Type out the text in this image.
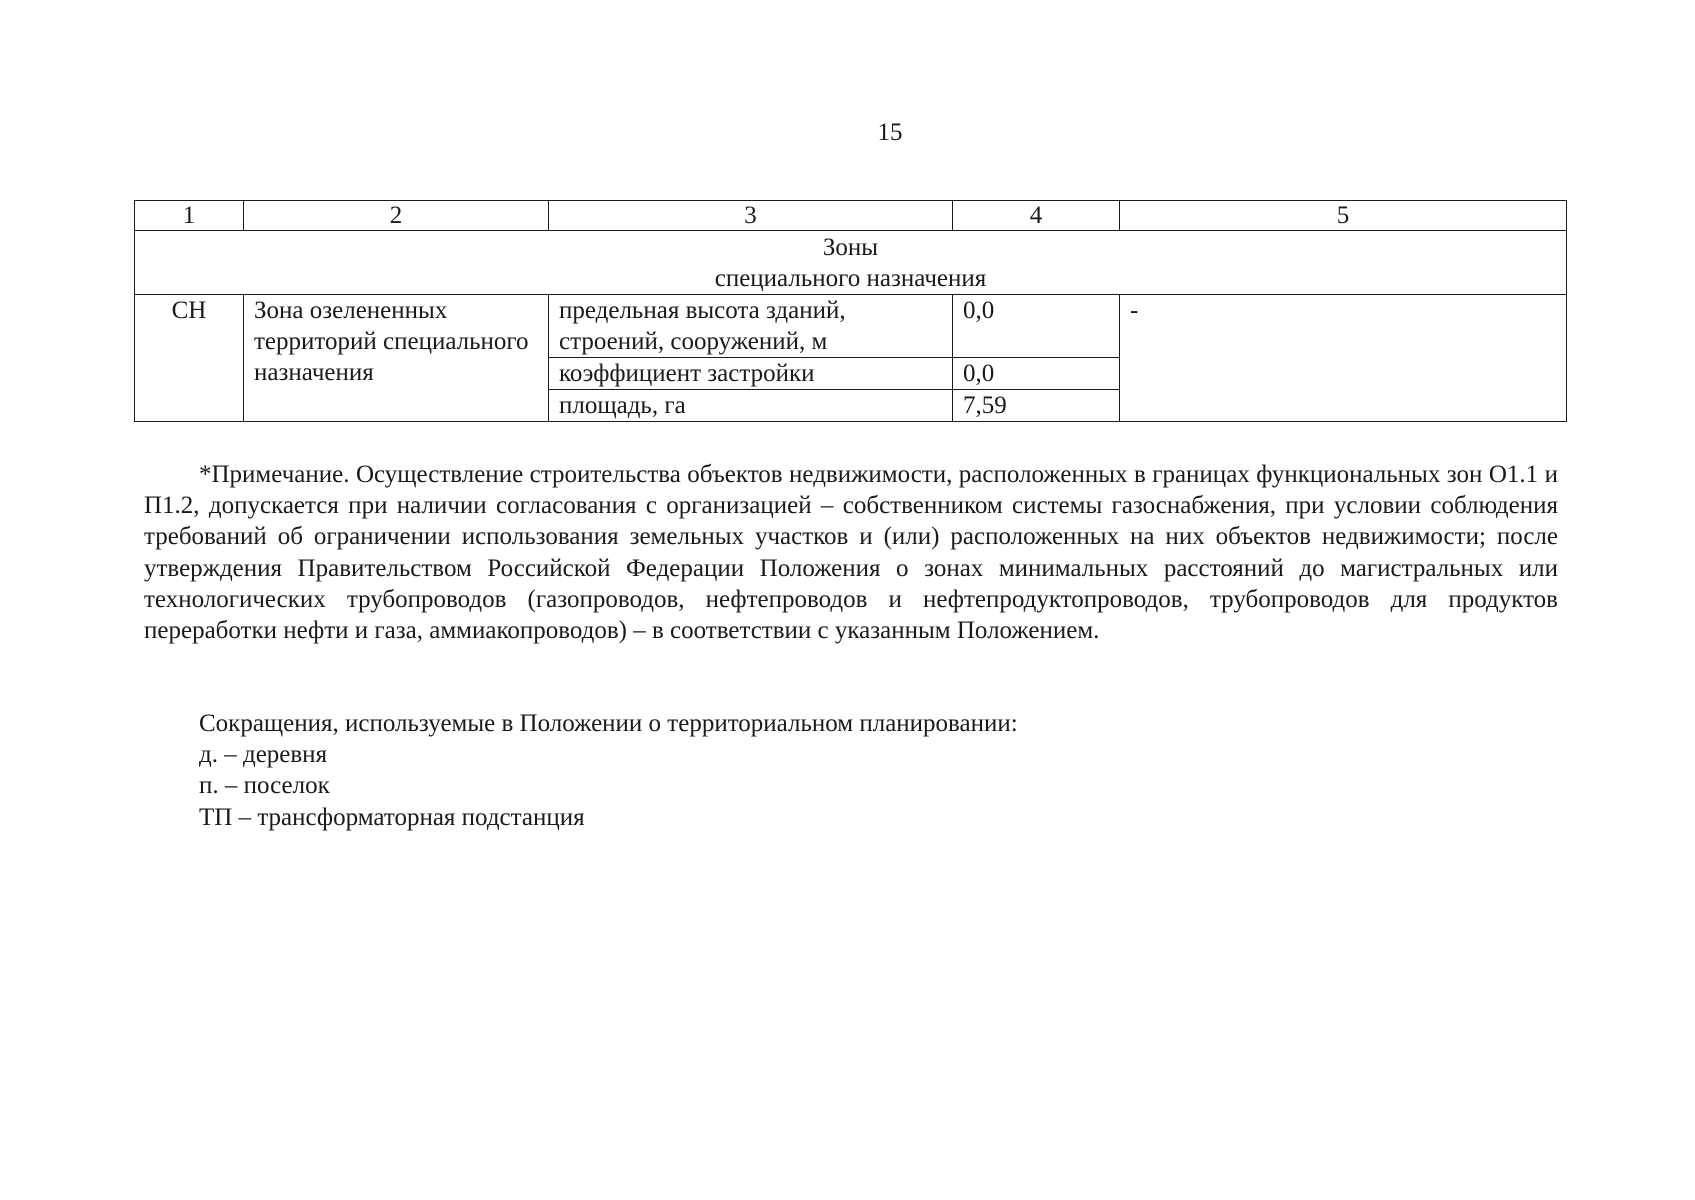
15
1	2	3	4	5

Зоны
специального назначения				

СН	Зона озелененных территорий специального назначения	предельная высота зданий, строений, сооружений, м	0,0	-
		коэффициент застройки	0,0	
		площадь, га	7,59	

*Примечание. Осуществление строительства объектов недвижимости, расположенных в границах функциональных зон О1.1 и П1.2, допускается при наличии согласования с организацией – собственником системы газоснабжения, при условии соблюдения требований об ограничении использования земельных участков и (или) расположенных на них объектов недвижимости; после утверждения Правительством Российской Федерации Положения о зонах минимальных расстояний до магистральных или технологических трубопроводов (газопроводов, нефтепроводов и нефтепродуктопроводов, трубопроводов для продуктов переработки нефти и газа, аммиакопроводов) – в соответствии с указанным Положением.

Сокращения, используемые в Положении о территориальном планировании:
д. – деревня
п. – поселок
ТП – трансформаторная подстанция
